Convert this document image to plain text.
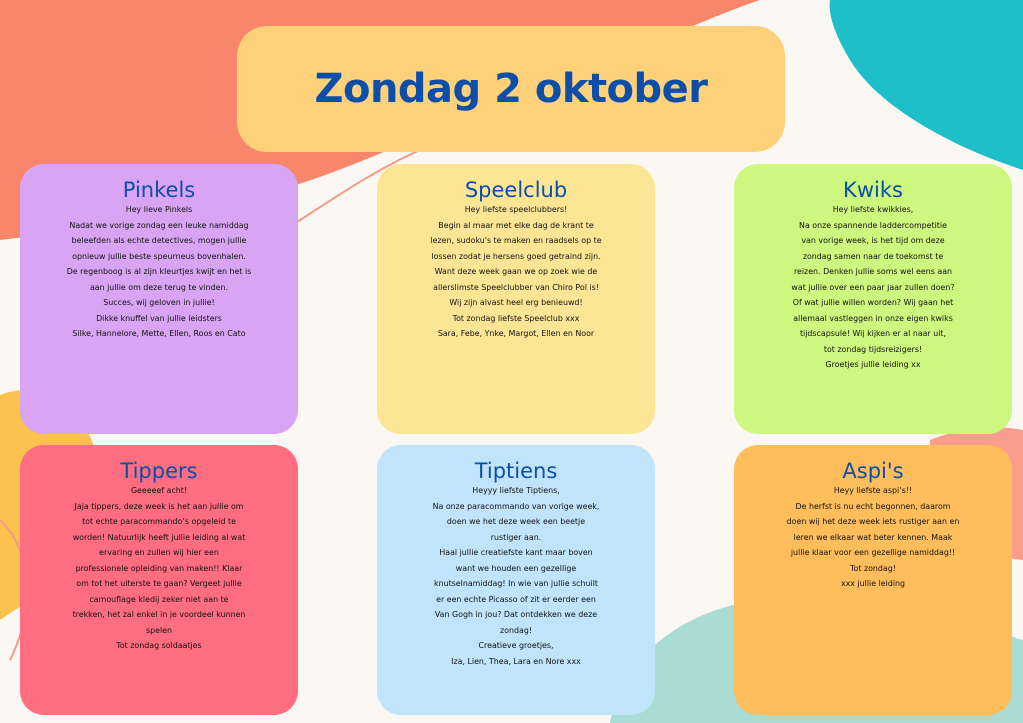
Zondag 2 oktober
Pinkels
Hey lieve Pinkels
Nadat we vorige zondag een leuke namiddag
beleefden als echte detectives, mogen jullie
opnieuw jullie beste speurneus bovenhalen.
De regenboog is al zijn kleurtjes kwijt en het is
aan jullie om deze terug te vinden.
Succes, wij geloven in jullie!
Dikke knuffel van jullie leidsters
Silke, Hannelore, Mette, Ellen, Roos en Cato
Speelclub
Hey liefste speelclubbers!
Begin al maar met elke dag de krant te
lezen, sudoku's te maken en raadsels op te
lossen zodat je hersens goed getraind zijn.
Want deze week gaan we op zoek wie de
allerslimste Speelclubber van Chiro Pol is!
Wij zijn alvast heel erg benieuwd!
Tot zondag liefste Speelclub xxx
Sara, Febe, Ynke, Margot, Ellen en Noor
Kwiks
Hey liefste kwikkies,
Na onze spannende laddercompetitie
van vorige week, is het tijd om deze
zondag samen naar de toekomst te
reizen. Denken jullie soms wel eens aan
wat jullie over een paar jaar zullen doen?
Of wat jullie willen worden? Wij gaan het
allemaal vastleggen in onze eigen kwiks
tijdscapsule! Wij kijken er al naar uit,
tot zondag tijdsreizigers!
Groetjes jullie leiding xx
Tippers
Geeeeef acht!
Jaja tippers, deze week is het aan jullie om
tot echte paracommando’s opgeleid te
worden! Natuurlijk heeft jullie leiding al wat
ervaring en zullen wij hier een
professionele opleiding van maken!! Klaar
om tot het uiterste te gaan? Vergeet jullie
camouflage kledij zeker niet aan te
trekken, het zal enkel in je voordeel kunnen
spelen
Tot zondag soldaatjes
Tiptiens
Heyyy liefste Tiptiens,
Na onze paracommando van vorige week,
doen we het deze week een beetje
rustiger aan.
Haal jullie creatiefste kant maar boven
want we houden een gezellige
knutselnamiddag! In wie van jullie schuilt
er een echte Picasso of zit er eerder een
Van Gogh in jou? Dat ontdekken we deze
zondag!
Creatieve groetjes,
Iza, Lien, Thea, Lara en Nore xxx
Aspi's
Heyy liefste aspi’s!!
De herfst is nu echt begonnen, daarom
doen wij het deze week iets rustiger aan en
leren we elkaar wat beter kennen. Maak
jullie klaar voor een gezellige namiddag!!
Tot zondag!
xxx jullie leiding
